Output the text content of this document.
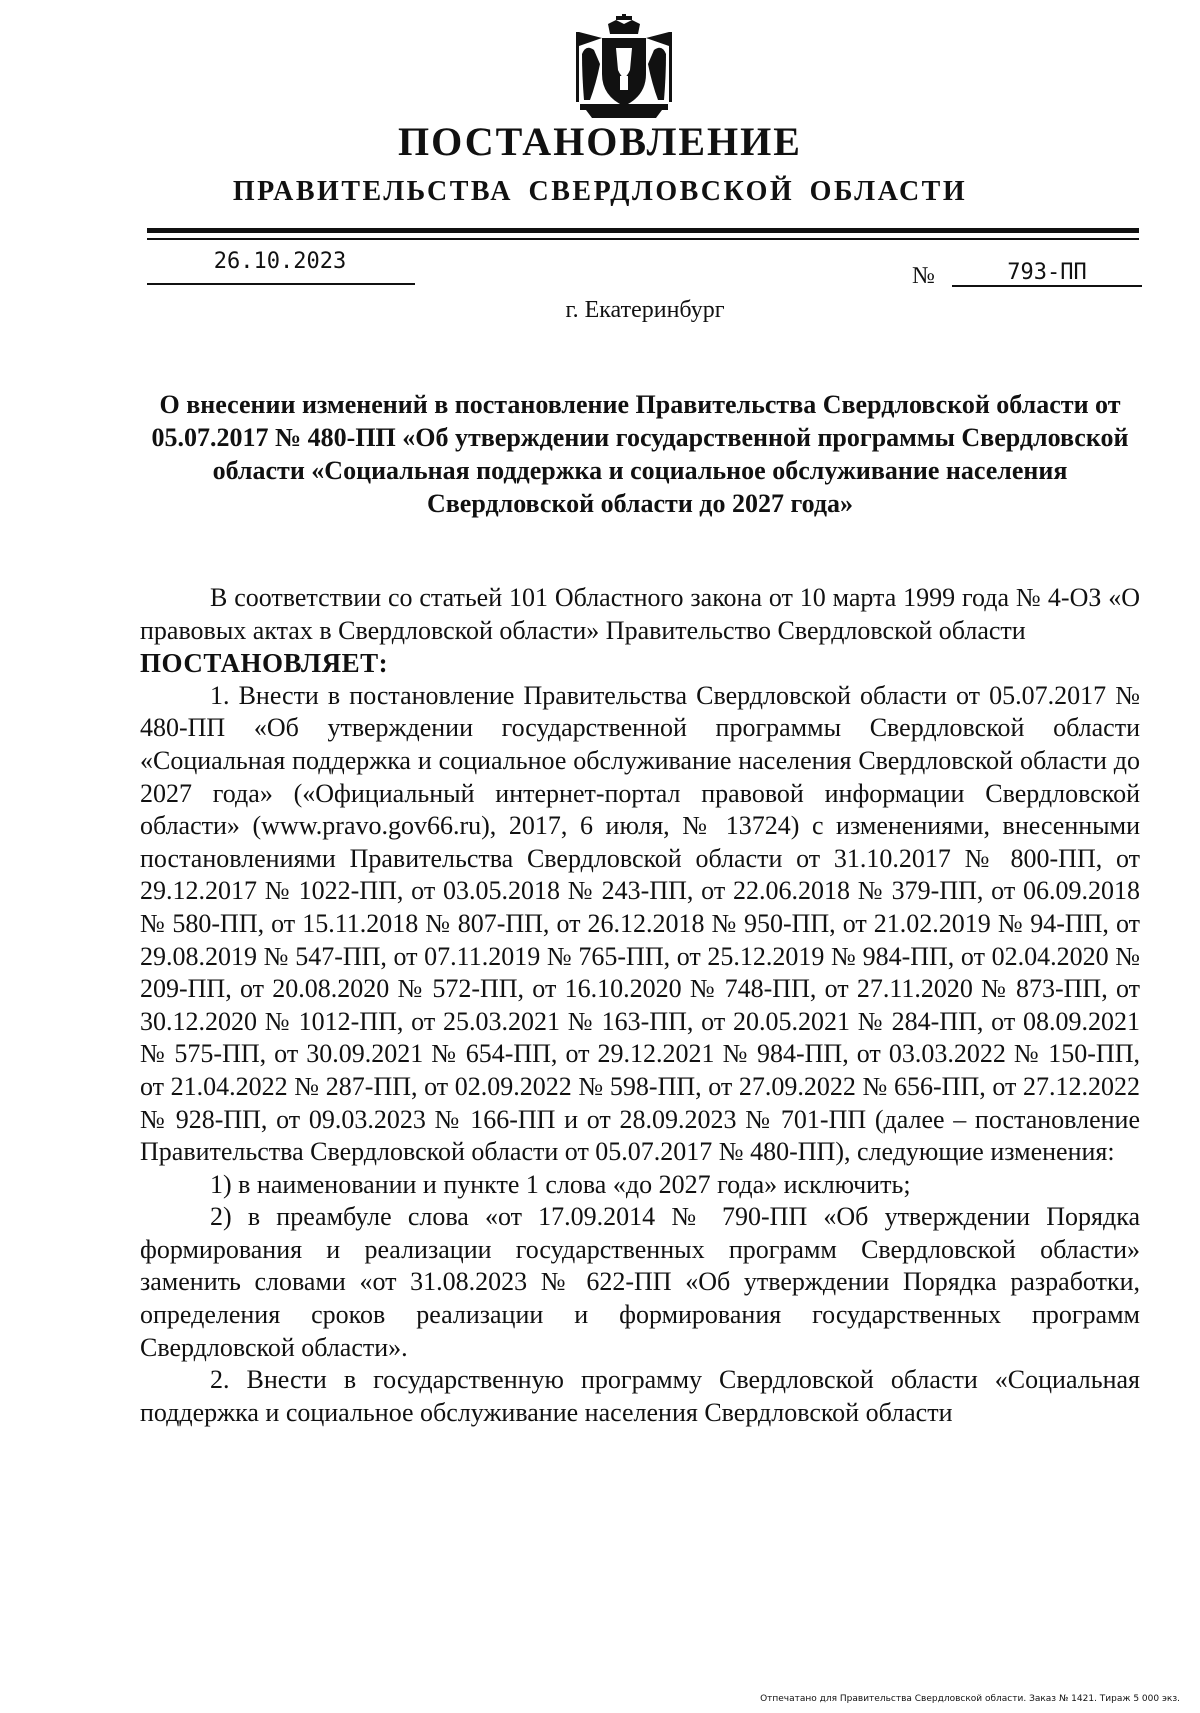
ПОСТАНОВЛЕНИЕ
ПРАВИТЕЛЬСТВА СВЕРДЛОВСКОЙ ОБЛАСТИ
26.10.2023
№	793-ПП
г. Екатеринбург
О внесении изменений в постановление Правительства Свердловской области от 05.07.2017 № 480-ПП «Об утверждении государственной программы Свердловской области «Социальная поддержка и социальное обслуживание населения Свердловской области до 2027 года»

В соответствии со статьей 101 Областного закона от 10 марта 1999 года № 4-ОЗ «О правовых актах в Свердловской области» Правительство Свердловской области

ПОСТАНОВЛЯЕТ:

1. Внести в постановление Правительства Свердловской области от 05.07.2017 № 480-ПП «Об утверждении государственной программы Свердловской области «Социальная поддержка и социальное обслуживание населения Свердловской области до 2027 года» («Официальный интернет-портал правовой информации Свердловской области» (www.pravo.gov66.ru), 2017, 6 июля, № 13724) с изменениями, внесенными постановлениями Правительства Свердловской области от 31.10.2017 № 800-ПП, от 29.12.2017 № 1022-ПП, от 03.05.2018 № 243-ПП, от 22.06.2018 № 379-ПП, от 06.09.2018 № 580-ПП, от 15.11.2018 № 807-ПП, от 26.12.2018 № 950-ПП, от 21.02.2019 № 94-ПП, от 29.08.2019 № 547-ПП, от 07.11.2019 № 765-ПП, от 25.12.2019 № 984-ПП, от 02.04.2020 № 209-ПП, от 20.08.2020 № 572-ПП, от 16.10.2020 № 748-ПП, от 27.11.2020 № 873-ПП, от 30.12.2020 № 1012-ПП, от 25.03.2021 № 163-ПП, от 20.05.2021 № 284-ПП, от 08.09.2021 № 575-ПП, от 30.09.2021 № 654-ПП, от 29.12.2021 № 984-ПП, от 03.03.2022 № 150-ПП, от 21.04.2022 № 287-ПП, от 02.09.2022 № 598-ПП, от 27.09.2022 № 656-ПП, от 27.12.2022 № 928-ПП, от 09.03.2023 № 166-ПП и от 28.09.2023 № 701-ПП (далее – постановление Правительства Свердловской области от 05.07.2017 № 480-ПП), следующие изменения:

1) в наименовании и пункте 1 слова «до 2027 года» исключить;

2) в преамбуле слова «от 17.09.2014 № 790-ПП «Об утверждении Порядка формирования и реализации государственных программ Свердловской области» заменить словами «от 31.08.2023 № 622-ПП «Об утверждении Порядка разработки, определения сроков реализации и формирования государственных программ Свердловской области».

2. Внести в государственную программу Свердловской области «Социальная поддержка и социальное обслуживание населения Свердловской области

Отпечатано для Правительства Свердловской области. Заказ № 1421. Тираж 5 000 экз.
